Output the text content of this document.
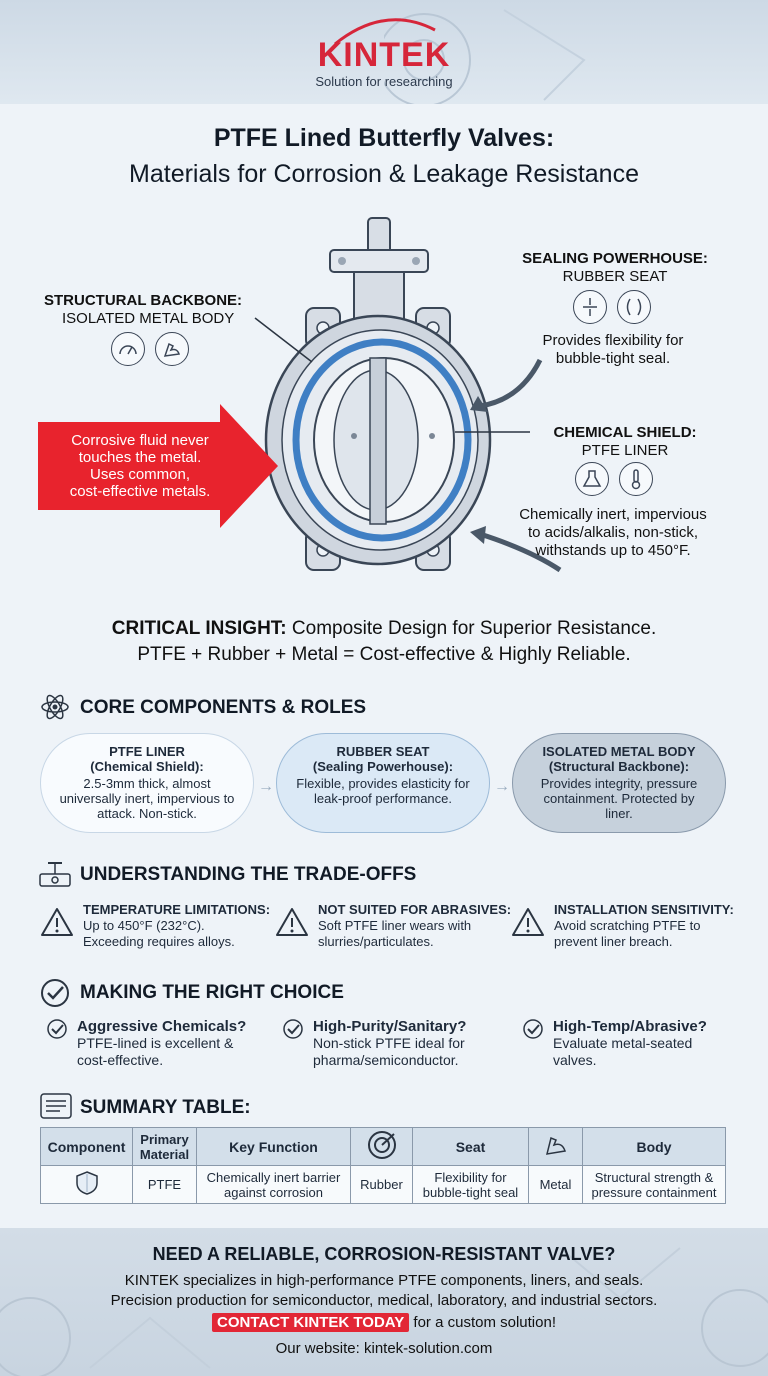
KINTEK
Solution for researching
PTFE Lined Butterfly Valves:
Materials for Corrosion & Leakage Resistance
STRUCTURAL BACKBONE:
ISOLATED METAL BODY
SEALING POWERHOUSE:
RUBBER SEAT
Provides flexibility for
bubble-tight seal.
CHEMICAL SHIELD:
PTFE LINER
Chemically inert, impervious
to acids/alkalis, non-stick,
withstands up to 450°F.
Corrosive fluid never
touches the metal.
Uses common,
cost-effective metals.
CRITICAL INSIGHT: Composite Design for Superior Resistance.
PTFE + Rubber + Metal = Cost-effective & Highly Reliable.
CORE COMPONENTS & ROLES
PTFE LINER
(Chemical Shield):
2.5-3mm thick, almost universally inert, impervious to attack. Non-stick.
→
RUBBER SEAT
(Sealing Powerhouse):
Flexible, provides elasticity for leak-proof performance.
→
ISOLATED METAL BODY
(Structural Backbone):
Provides integrity, pressure containment. Protected by liner.
UNDERSTANDING THE TRADE-OFFS
TEMPERATURE LIMITATIONS:
Up to 450°F (232°C). Exceeding requires alloys.
NOT SUITED FOR ABRASIVES:
Soft PTFE liner wears with slurries/particulates.
INSTALLATION SENSITIVITY:
Avoid scratching PTFE to prevent liner breach.
MAKING THE RIGHT CHOICE
Aggressive Chemicals?
PTFE-lined is excellent & cost-effective.
High-Purity/Sanitary?
Non-stick PTFE ideal for pharma/semiconductor.
High-Temp/Abrasive?
Evaluate metal-seated valves.
SUMMARY TABLE:
Component	Primary Material	Key Function		Seat		Body
	PTFE	Chemically inert barrier against corrosion	Rubber	Flexibility for bubble-tight seal	Metal	Structural strength & pressure containment
NEED A RELIABLE, CORROSION-RESISTANT VALVE?
KINTEK specializes in high-performance PTFE components, liners, and seals.
Precision production for semiconductor, medical, laboratory, and industrial sectors.
CONTACT KINTEK TODAY for a custom solution!
Our website: kintek-solution.com
